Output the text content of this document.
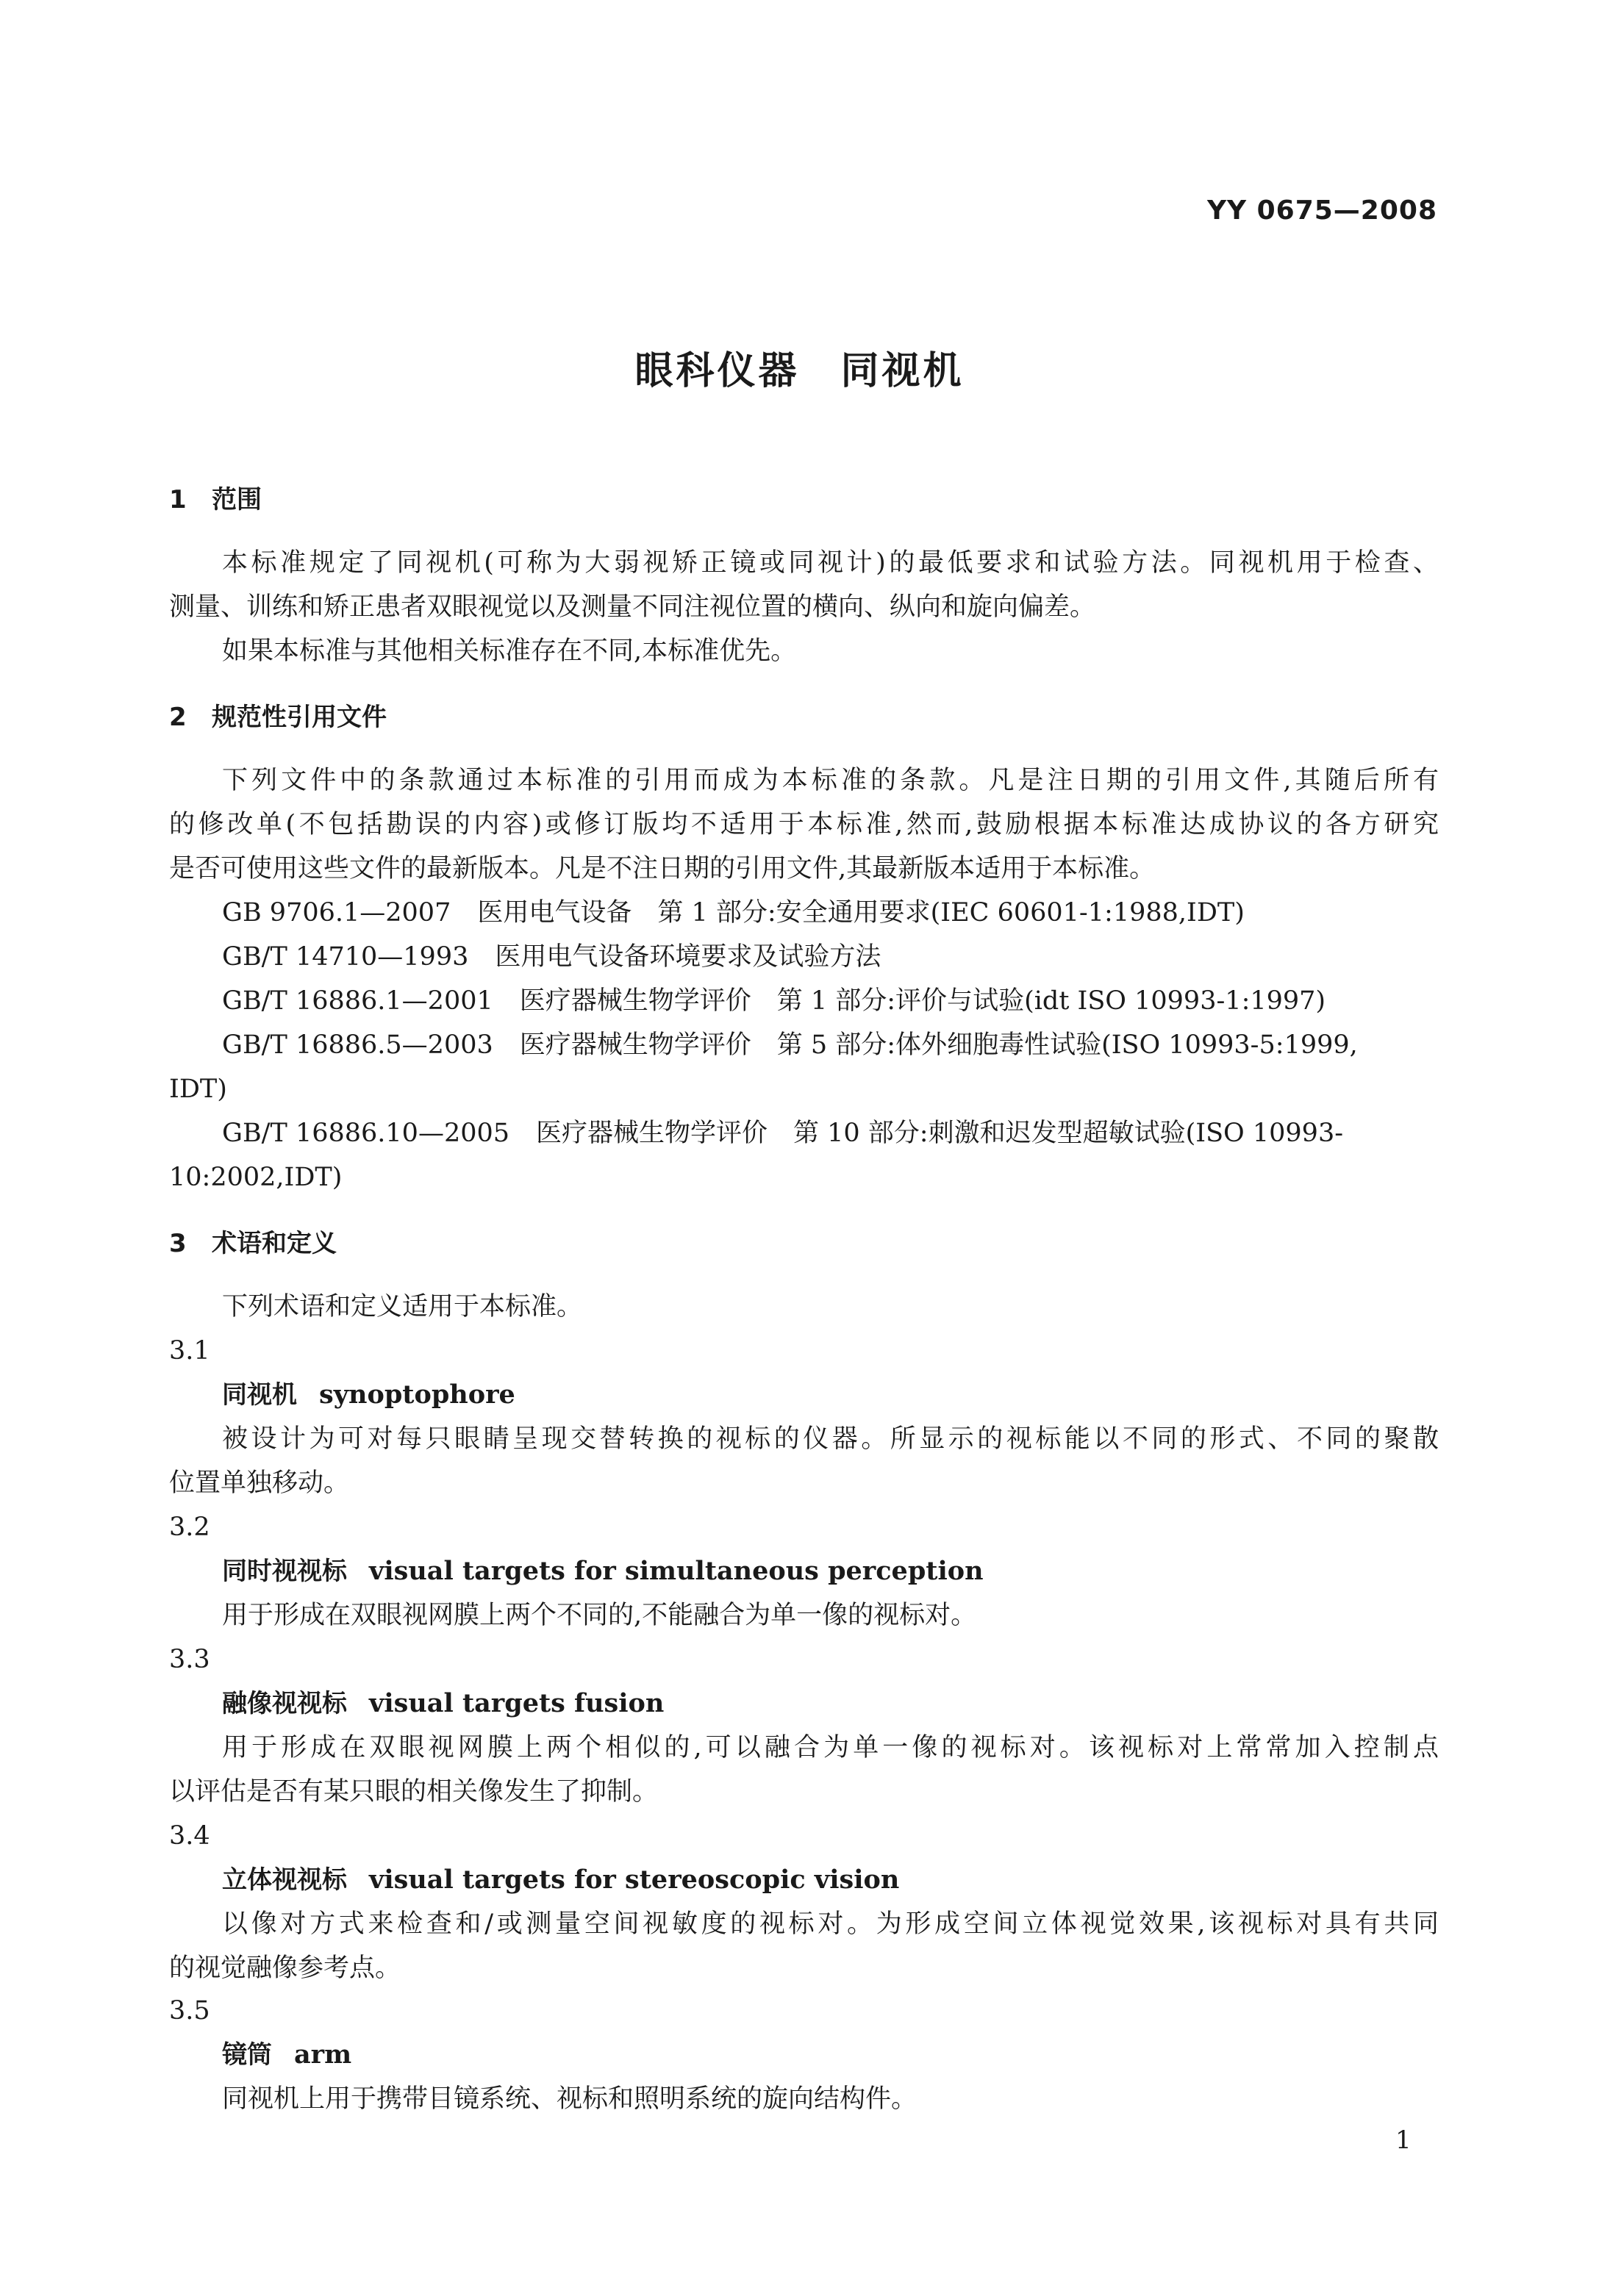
YY 0675—2008
眼科仪器　同视机
1 范围
本标准规定了同视机(可称为大弱视矫正镜或同视计)的最低要求和试验方法。同视机用于检查、
测量、训练和矫正患者双眼视觉以及测量不同注视位置的横向、纵向和旋向偏差。
如果本标准与其他相关标准存在不同,本标准优先。
2 规范性引用文件
下列文件中的条款通过本标准的引用而成为本标准的条款。凡是注日期的引用文件,其随后所有
的修改单(不包括勘误的内容)或修订版均不适用于本标准,然而,鼓励根据本标准达成协议的各方研究
是否可使用这些文件的最新版本。凡是不注日期的引用文件,其最新版本适用于本标准。
GB 9706.1—2007 医用电气设备　第 1 部分:安全通用要求(IEC 60601-1:1988,IDT)
GB/T 14710—1993 医用电气设备环境要求及试验方法
GB/T 16886.1—2001 医疗器械生物学评价　第 1 部分:评价与试验(idt ISO 10993-1:1997)
GB/T 16886.5—2003 医疗器械生物学评价　第 5 部分:体外细胞毒性试验(ISO 10993-5:1999,
IDT)
GB/T 16886.10—2005 医疗器械生物学评价　第 10 部分:刺激和迟发型超敏试验(ISO 10993-
10:2002,IDT)
3 术语和定义
下列术语和定义适用于本标准。
3.1
同视机 synoptophore
被设计为可对每只眼睛呈现交替转换的视标的仪器。所显示的视标能以不同的形式、不同的聚散
位置单独移动。
3.2
同时视视标 visual targets for simultaneous perception
用于形成在双眼视网膜上两个不同的,不能融合为单一像的视标对。
3.3
融像视视标 visual targets fusion
用于形成在双眼视网膜上两个相似的,可以融合为单一像的视标对。该视标对上常常加入控制点
以评估是否有某只眼的相关像发生了抑制。
3.4
立体视视标 visual targets for stereoscopic vision
以像对方式来检查和/或测量空间视敏度的视标对。为形成空间立体视觉效果,该视标对具有共同
的视觉融像参考点。
3.5
镜筒 arm
同视机上用于携带目镜系统、视标和照明系统的旋向结构件。
1
